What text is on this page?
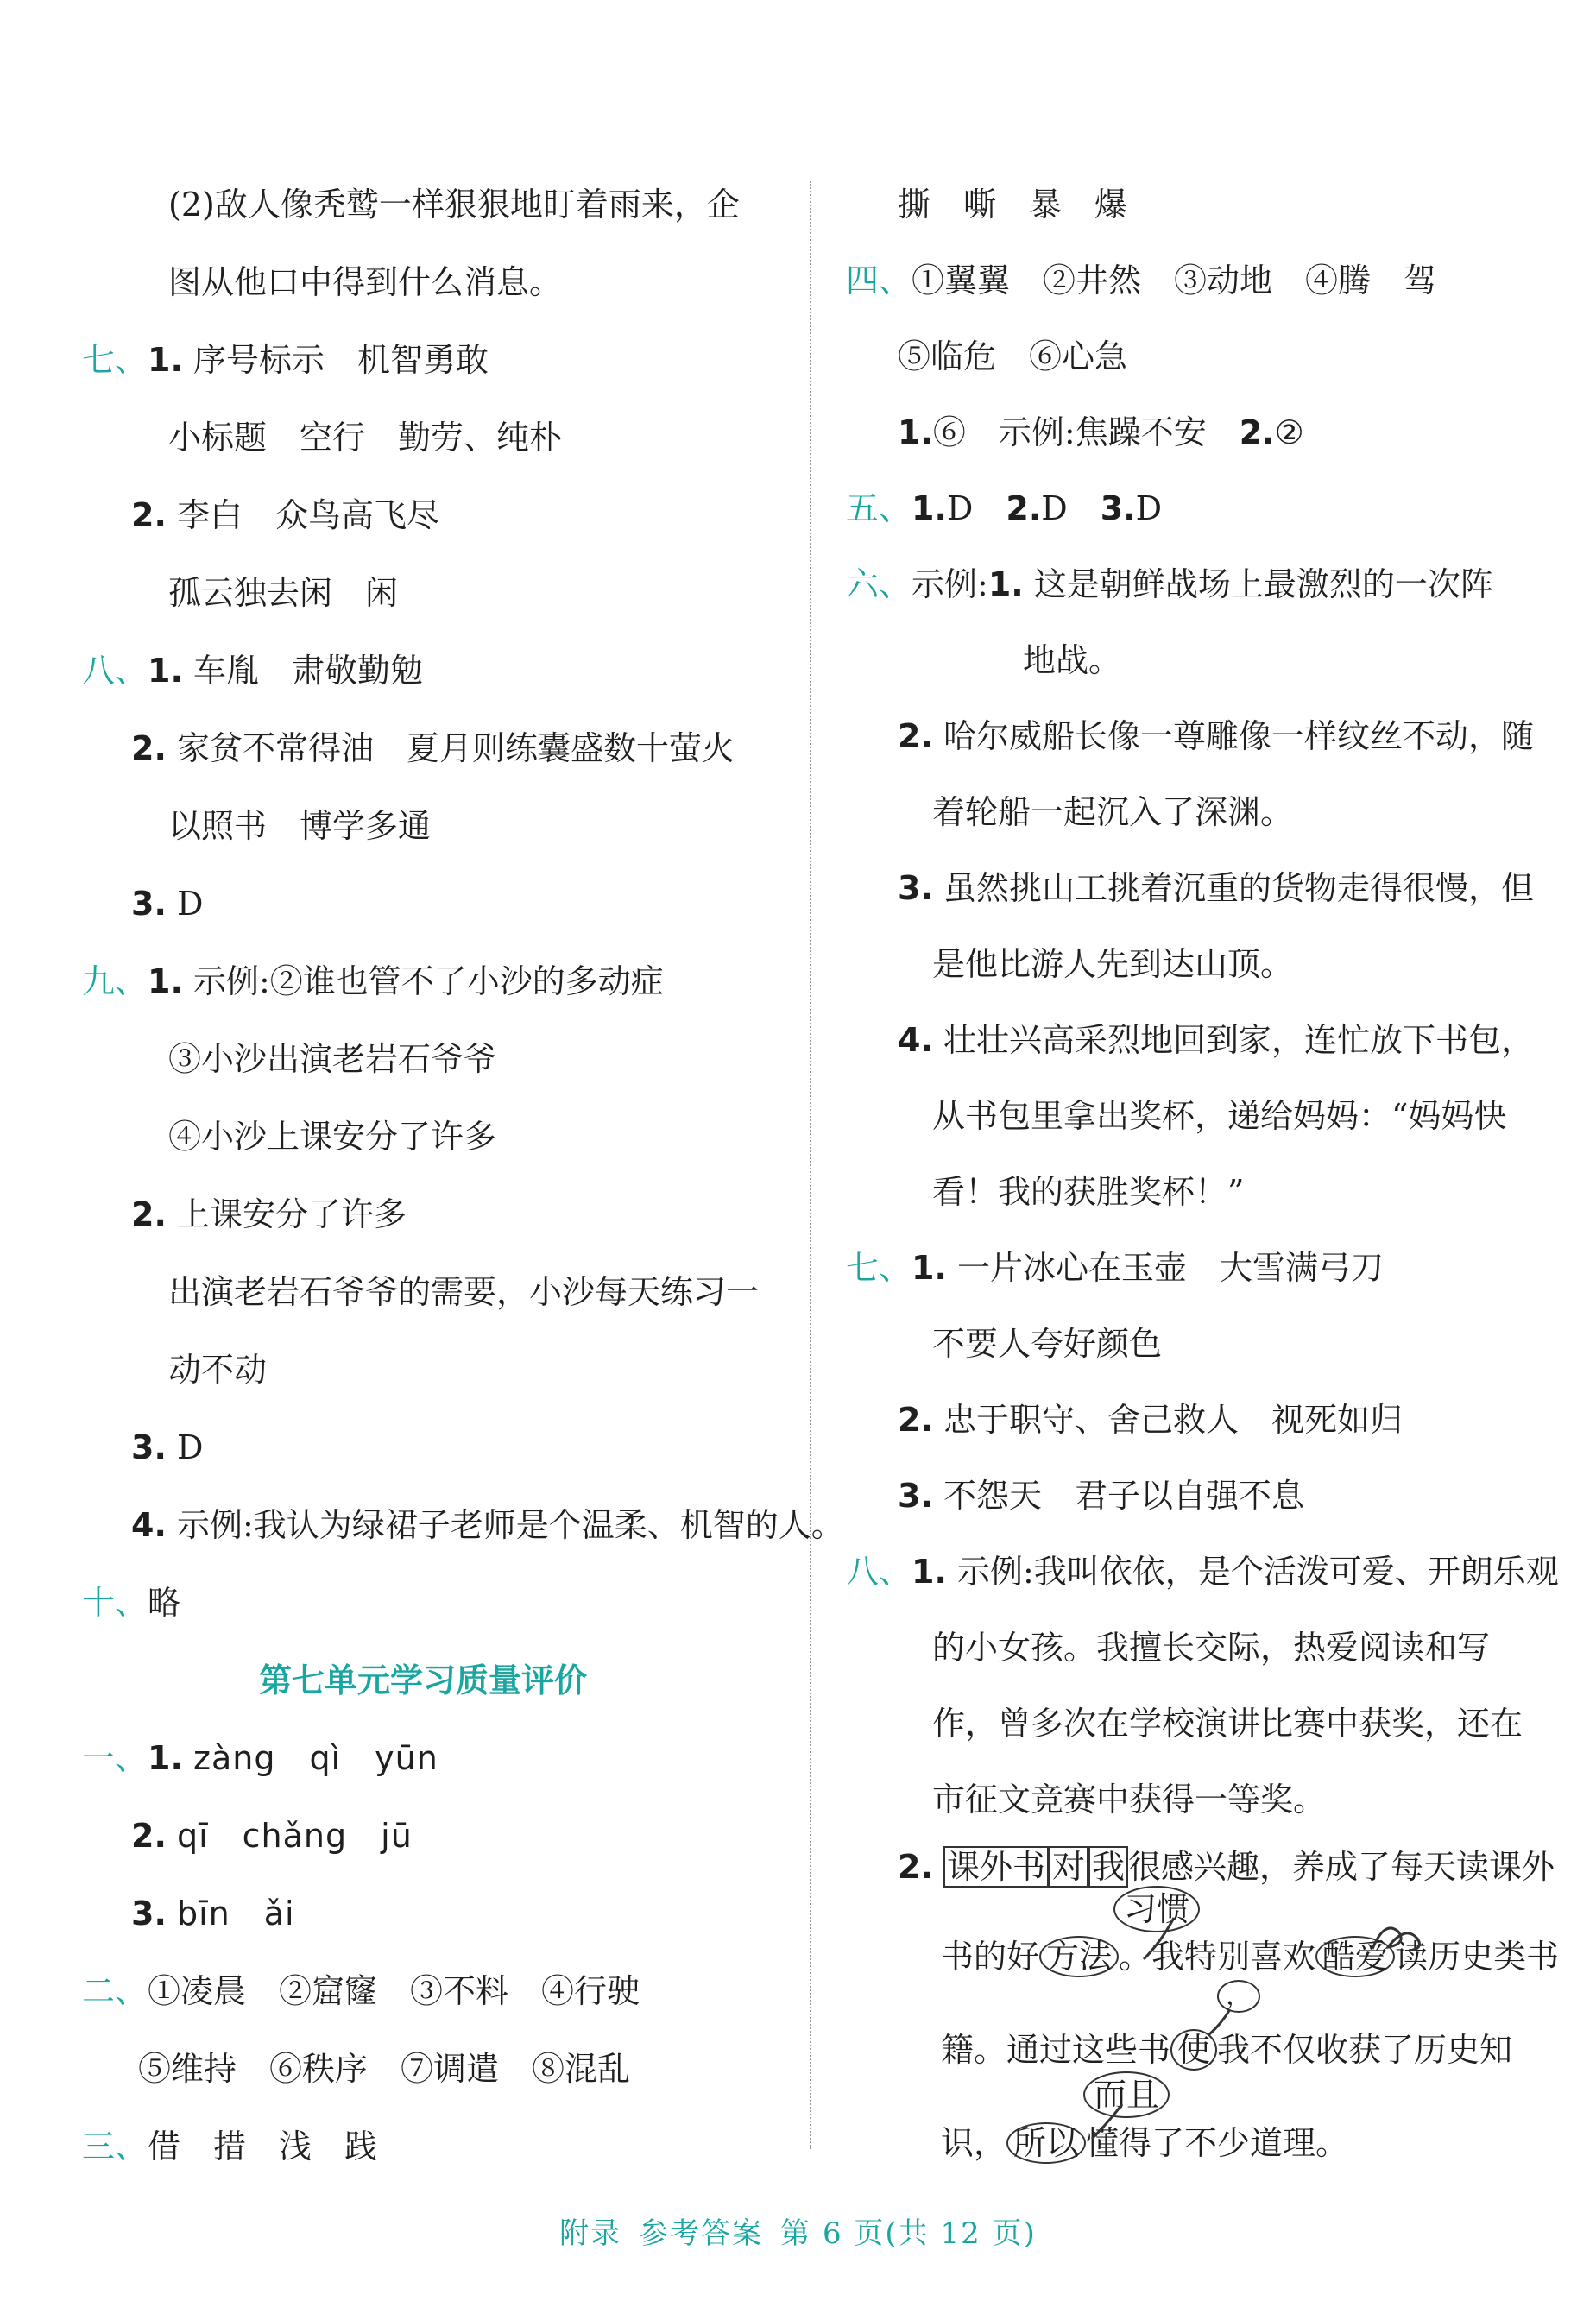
(2)敌人像秃鹫一样狠狠地盯着雨来，企
图从他口中得到什么消息。
七、1. 序号标示　机智勇敢
小标题　空行　勤劳、纯朴
2. 李白　众鸟高飞尽
孤云独去闲　闲
八、1. 车胤　肃敬勤勉
2. 家贫不常得油　夏月则练囊盛数十萤火
以照书　博学多通
3. D
九、1. 示例:②谁也管不了小沙的多动症
③小沙出演老岩石爷爷
④小沙上课安分了许多
2. 上课安分了许多
出演老岩石爷爷的需要，小沙每天练习一
动不动
3. D
4. 示例:我认为绿裙子老师是个温柔、机智的人。
十、略
第七单元学习质量评价
一、1. zàng　qì　yūn
2. qī　chǎng　jū
3. bīn　ǎi
二、①凌晨　②窟窿　③不料　④行驶
⑤维持　⑥秩序　⑦调遣　⑧混乱
三、借　措　浅　践
撕　嘶　暴　爆
四、①翼翼　②井然　③动地　④腾　驾
⑤临危　⑥心急
1.⑥　示例:焦躁不安　 2.②
五、1.D　 2.D　 3.D
六、示例:1. 这是朝鲜战场上最激烈的一次阵
地战。
2. 哈尔威船长像一尊雕像一样纹丝不动，随
着轮船一起沉入了深渊。
3. 虽然挑山工挑着沉重的货物走得很慢，但
是他比游人先到达山顶。
4. 壮壮兴高采烈地回到家，连忙放下书包，
从书包里拿出奖杯，递给妈妈：“妈妈快
看！我的获胜奖杯！”
七、1. 一片冰心在玉壶　大雪满弓刀
不要人夸好颜色
2. 忠于职守、舍己救人　视死如归
3. 不怨天　君子以自强不息
八、1. 示例:我叫依依，是个活泼可爱、开朗乐观
的小女孩。我擅长交际，热爱阅读和写
作，曾多次在学校演讲比赛中获奖，还在
市征文竞赛中获得一等奖。
2. 课外书 对 我 很感兴趣，养成了每天读课外
习惯
书的好 方法 。我特别喜欢 酷爱 读历史类书
，
籍。通过这些书 使 我不仅收获了历史知
而且
识， 所以 懂得了不少道理。
附录 参考答案 第 6 页(共 12 页)
